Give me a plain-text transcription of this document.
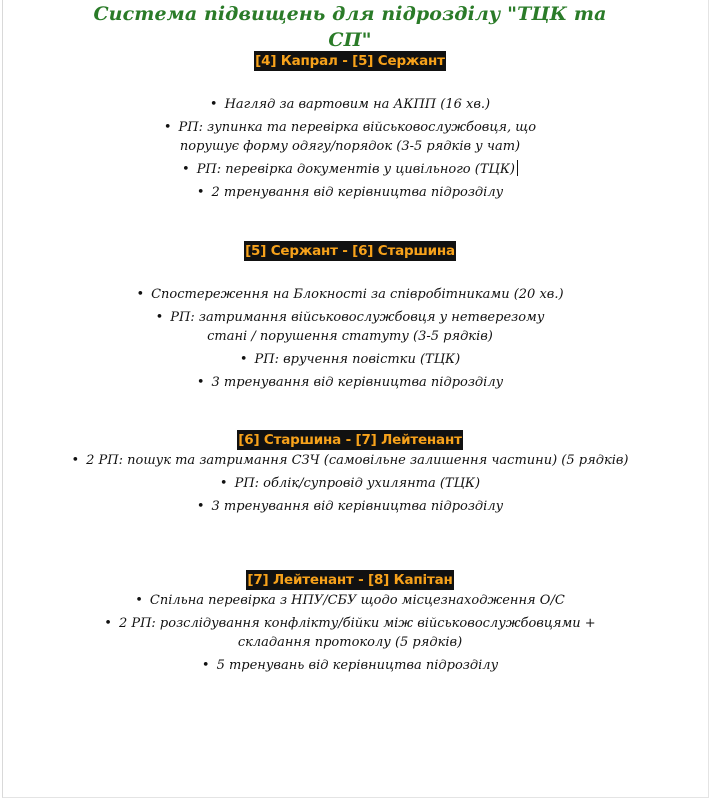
Система підвищень для підрозділу "ТЦК та СП"
[4] Капрал - [5] Сержант
• Нагляд за вартовим на АКПП (16 хв.)
• РП: зупинка та перевірка військовослужбовця, що порушує форму одягу/порядок (3-5 рядків у чат)
• РП: перевірка документів у цивільного (ТЦК)
• 2 тренування від керівництва підрозділу
[5] Сержант - [6] Старшина
• Спостереження на Блокності за співробітниками (20 хв.)
• РП: затримання військовослужбовця у нетверезому стані / порушення статуту (3-5 рядків)
• РП: вручення повістки (ТЦК)
• 3 тренування від керівництва підрозділу
[6] Старшина - [7] Лейтенант
• 2 РП: пошук та затримання СЗЧ (самовільне залишення частини) (5 рядків)
• РП: облік/супровід ухилянта (ТЦК)
• 3 тренування від керівництва підрозділу
[7] Лейтенант - [8] Капітан
• Спільна перевірка з НПУ/СБУ щодо місцезнаходження О/С
• 2 РП: розслідування конфлікту/бійки між військовослужбовцями + складання протоколу (5 рядків)
• 5 тренувань від керівництва підрозділу
